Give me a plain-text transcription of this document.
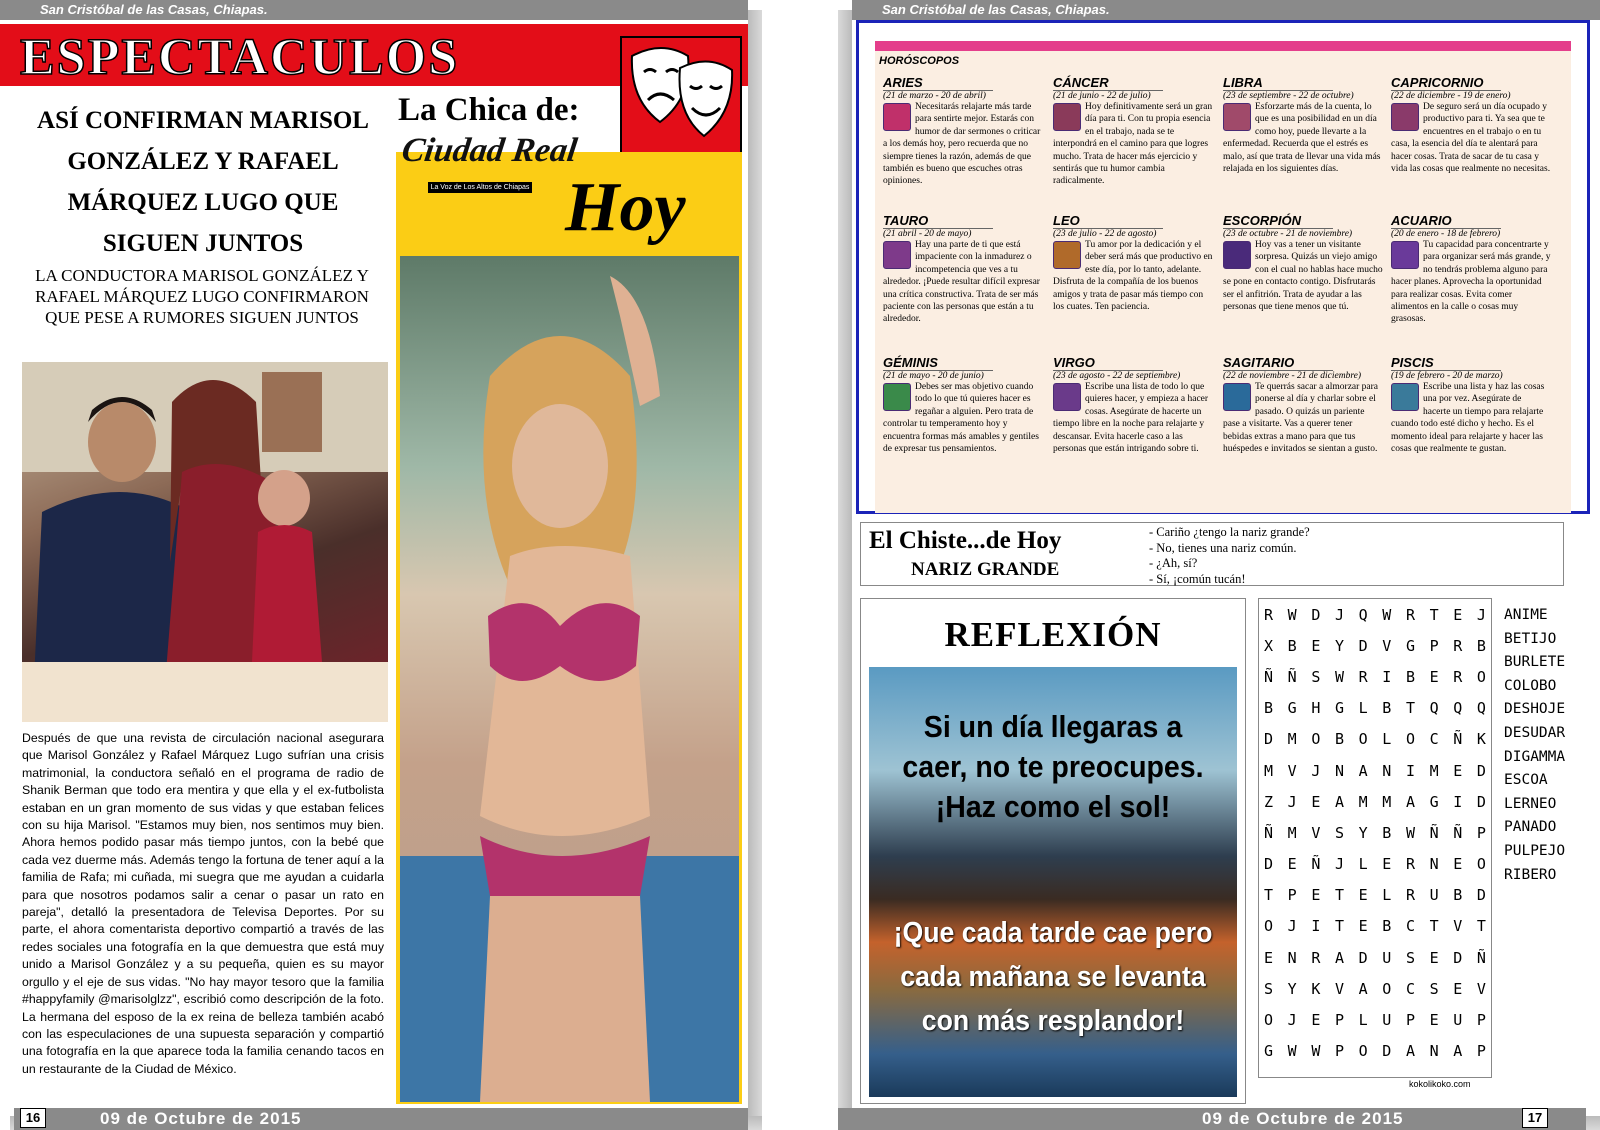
San Cristóbal de las Casas, Chiapas.
ESPECTACULOS
ASÍ CONFIRMAN MARISOL GONZÁLEZ Y RAFAEL MÁRQUEZ LUGO QUE SIGUEN JUNTOS
LA CONDUCTORA MARISOL GONZÁLEZ Y RAFAEL MÁRQUEZ LUGO CONFIRMARON QUE PESE A RUMORES SIGUEN JUNTOS
Después de que una revista de circulación nacional asegurara que Marisol González y Rafael Márquez Lugo sufrían una crisis matrimonial, la conductora señaló en el programa de radio de Shanik Berman que todo era mentira y que ella y el ex-futbolista estaban en un gran momento de sus vidas y que estaban felices con su hija Marisol. "Estamos muy bien, nos sentimos muy bien. Ahora hemos podido pasar más tiempo juntos, con la bebé que cada vez duerme más. Además tengo la fortuna de tener aquí a la familia de Rafa; mi cuñada, mi suegra que me ayudan a cuidarla para que nosotros podamos salir a cenar o pasar un rato en pareja", detalló la presentadora de Televisa Deportes. Por su parte, el ahora comentarista deportivo compartió a través de las redes sociales una fotografía en la que demuestra que está muy unido a Marisol González y a su pequeña, quien es su mayor orgullo y el eje de sus vidas. "No hay mayor tesoro que la familia #happyfamily @marisolglzz", escribió como descripción de la foto. La hermana del esposo de la ex reina de belleza también acabó con las especulaciones de una supuesta separación y compartió una fotografía en la que aparece toda la familia cenando tacos en un restaurante de la Ciudad de México.
La Chica de:
Ciudad Real
La Voz de Los Altos de Chiapas Hoy
09 de Octubre de 2015
16
San Cristóbal de las Casas, Chiapas.
HORÓSCOPOS
ARIES
(21 de marzo - 20 de abril)
Necesitarás relajarte más tarde para sentirte mejor. Estarás con humor de dar sermones o criticar a los demás hoy, pero recuerda que no siempre tienes la razón, además de que también es bueno que escuches otras opiniones.
TAURO
(21 abril - 20 de mayo)
Hay una parte de ti que está impaciente con la inmadurez o incompetencia que ves a tu alrededor. ¡Puede resultar difícil expresar una crítica constructiva. Trata de ser más paciente con las personas que están a tu alrededor.
GÉMINIS
(21 de mayo - 20 de junio)
Debes ser mas objetivo cuando todo lo que tú quieres hacer es regañar a alguien. Pero trata de controlar tu temperamento hoy y encuentra formas más amables y gentiles de expresar tus pensamientos.
CÁNCER
(21 de junio - 22 de julio)
Hoy definitivamente será un gran día para ti. Con tu propia esencia en el trabajo, nada se te interpondrá en el camino para que logres mucho. Trata de hacer más ejercicio y sentirás que tu humor cambia radicalmente.
LEO
(23 de julio - 22 de agosto)
Tu amor por la dedicación y el deber será más que productivo en este día, por lo tanto, adelante. Disfruta de la compañía de los buenos amigos y trata de pasar más tiempo con los cuates. Ten paciencia.
VIRGO
(23 de agosto - 22 de septiembre)
Escribe una lista de todo lo que quieres hacer, y empieza a hacer cosas. Asegúrate de hacerte un tiempo libre en la noche para relajarte y descansar. Evita hacerle caso a las personas que están intrigando sobre ti.
LIBRA
(23 de septiembre - 22 de octubre)
Esforzarte más de la cuenta, lo que es una posibilidad en un día como hoy, puede llevarte a la enfermedad. Recuerda que el estrés es malo, así que trata de llevar una vida más relajada en los siguientes días.
ESCORPIÓN
(23 de octubre - 21 de noviembre)
Hoy vas a tener un visitante sorpresa. Quizás un viejo amigo con el cual no hablas hace mucho se pone en contacto contigo. Disfrutarás ser el anfitrión. Trata de ayudar a las personas que tiene menos que tú.
SAGITARIO
(22 de noviembre - 21 de diciembre)
Te querrás sacar a almorzar para ponerse al día y charlar sobre el pasado. O quizás un pariente pase a visitarte. Vas a querer tener bebidas extras a mano para que tus huéspedes e invitados se sientan a gusto.
CAPRICORNIO
(22 de diciembre - 19 de enero)
De seguro será un día ocupado y productivo para ti. Ya sea que te encuentres en el trabajo o en tu casa, la esencia del día te alentará para hacer cosas. Trata de sacar de tu casa y vida las cosas que realmente no necesitas.
ACUARIO
(20 de enero - 18 de febrero)
Tu capacidad para concentrarte y para organizar será más grande, y no tendrás problema alguno para hacer planes. Aprovecha la oportunidad para realizar cosas. Evita comer alimentos en la calle o cosas muy grasosas.
PISCIS
(19 de febrero - 20 de marzo)
Escribe una lista y haz las cosas una por vez. Asegúrate de hacerte un tiempo para relajarte cuando todo esté dicho y hecho. Es el momento ideal para relajarte y hacer las cosas que realmente te gustan.
El Chiste...de Hoy
NARIZ GRANDE
- Cariño ¿tengo la nariz grande?
- No, tienes una nariz común.
- ¿Ah, sí?
- Sí, ¡común tucán!
REFLEXIÓN
Si un día llegaras a
caer, no te preocupes.
¡Haz como el sol!
¡Que cada tarde cae pero
cada mañana se levanta
con más resplandor!
R W D J Q W R T E J
X B E Y D V G P R B
Ñ Ñ S W R I B E R O
B G H G L B T Q Q Q
D M O B O L O C Ñ K
M V J N A N I M E D
Z J E A M M A G I D
Ñ M V S Y B W Ñ Ñ P
D E Ñ J L E R N E O
T P E T E L R U B D
O J I T E B C T V T
E N R A D U S E D Ñ
S Y K V A O C S E V
O J E P L U P E U P
G W W P O D A N A P
ANIME
BETIJO
BURLETE
COLOBO
DESHOJE
DESUDAR
DIGAMMA
ESCOA
LERNEO
PANADO
PULPEJO
RIBERO
kokolikoko.com
09 de Octubre de 2015	17
